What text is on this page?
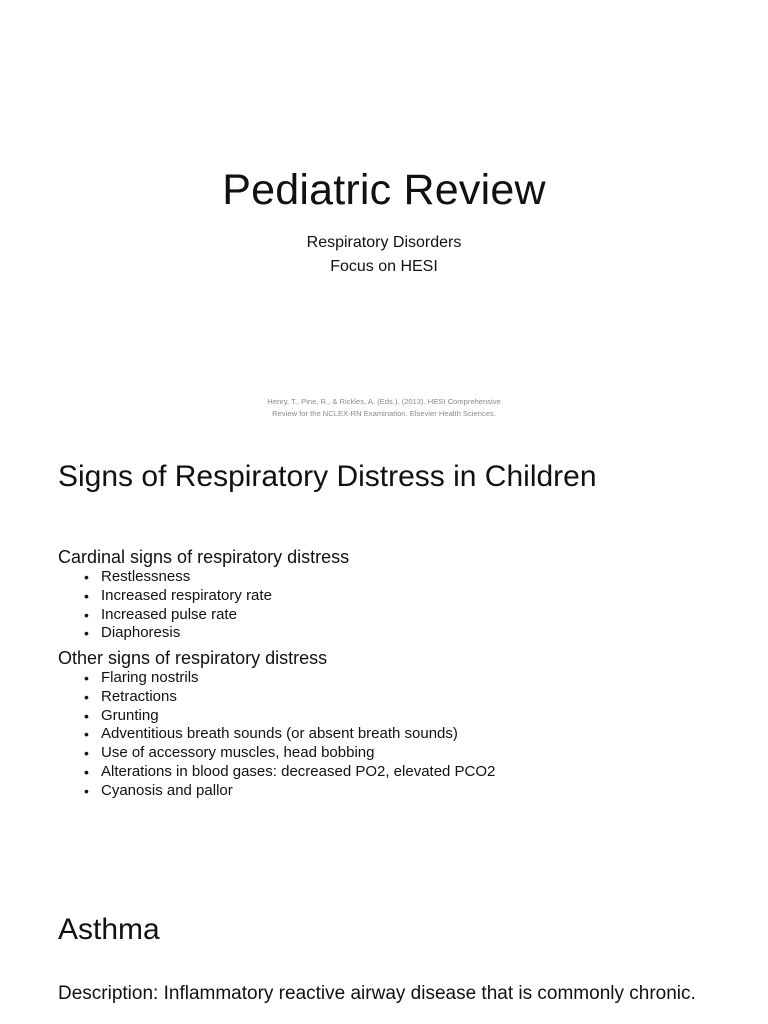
Pediatric Review
Respiratory Disorders
Focus on HESI
Henry, T., Pine, R., & Rickles, A. (Eds.). (2013). HESI Comprehensive Review for the NCLEX-RN Examination. Elsevier Health Sciences.
Signs of Respiratory Distress in Children
Cardinal signs of respiratory distress
• Restlessness
• Increased respiratory rate
• Increased pulse rate
• Diaphoresis
Other signs of respiratory distress
• Flaring nostrils
• Retractions
• Grunting
• Adventitious breath sounds (or absent breath sounds)
• Use of accessory muscles, head bobbing
• Alterations in blood gases: decreased PO2, elevated PCO2
• Cyanosis and pallor
Asthma
Description: Inflammatory reactive airway disease that is commonly chronic.
